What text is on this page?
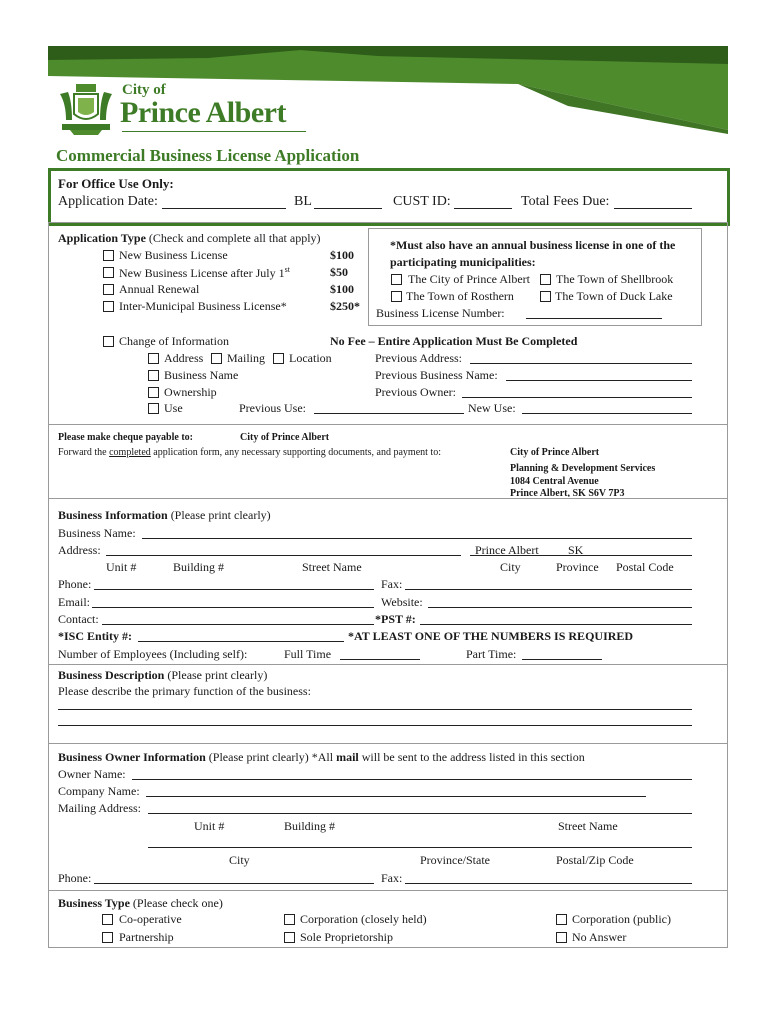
City of
Prince Albert
Commercial Business License Application
For Office Use Only:
Application Date:	BL	CUST ID:	Total Fees Due:
Application Type (Check and complete all that apply)
New Business License	$100
New Business License after July 1st	$50
Annual Renewal	$100
Inter-Municipal Business License*	$250*
*Must also have an annual business license in one of the
participating municipalities:
The City of Prince Albert The Town of Shellbrook
The Town of Rosthern	The Town of Duck Lake
Business License Number:
Change of Information	No Fee – Entire Application Must Be Completed
Address Mailing Location	Previous Address:
Business Name	Previous Business Name:
Ownership	Previous Owner:
Use	Previous Use:	New Use:
Please make cheque payable to:	City of Prince Albert
Forward the completed application form, any necessary supporting documents, and payment to:	City of Prince Albert
Planning & Development Services
1084 Central Avenue
Prince Albert, SK S6V 7P3
Business Information (Please print clearly)
Business Name:
Address:	Prince Albert SK
Unit #	Building #	Street Name	City	Province Postal Code
Phone:	Fax:
Email:	Website:
Contact:	*PST #:
*ISC Entity #:	*AT LEAST ONE OF THE NUMBERS IS REQUIRED
Number of Employees (Including self):	Full Time	Part Time:
Business Description (Please print clearly)
Please describe the primary function of the business:
Business Owner Information (Please print clearly) *All mail will be sent to the address listed in this section
Owner Name:
Company Name:
Mailing Address:
Unit #	Building #	Street Name
City	Province/State	Postal/Zip Code
Phone:	Fax:
Business Type (Please check one)
Co-operative
Partnership
Corporation (closely held)
Sole Proprietorship
Corporation (public)
No Answer
